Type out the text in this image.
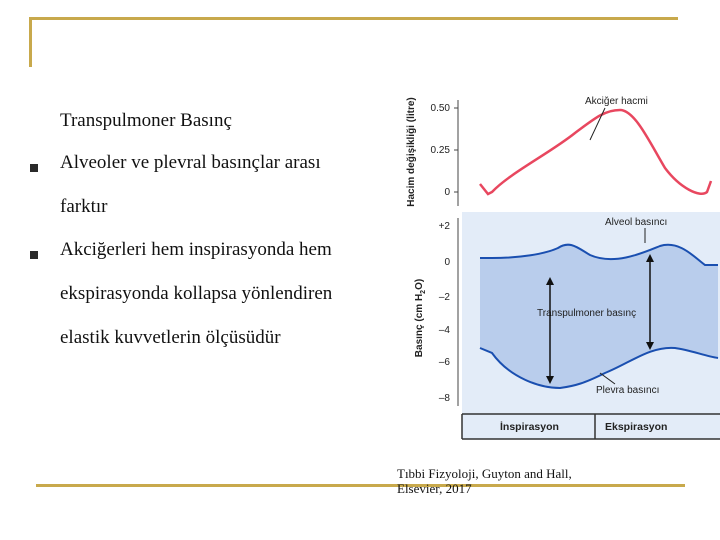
Transpulmoner Basınç
Alveoler ve plevral basınçlar arası
farktır
Akciğerleri hem inspirasyonda hem
ekspirasyonda kollapsa yönlendiren
elastik kuvvetlerin ölçüsüdür
Hacim değişikliği (litre) 0.50
0.25
0
Akciğer hacmi
Basınç (cm $H_2O$)
+2
0
–2
–4
–6
–8
Alveol basıncı
Transpulmoner basınç
Plevra basıncı
İnspirasyon	Ekspirasyon
Tıbbi Fizyoloji, Guyton and Hall,
Elsevier, 2017
